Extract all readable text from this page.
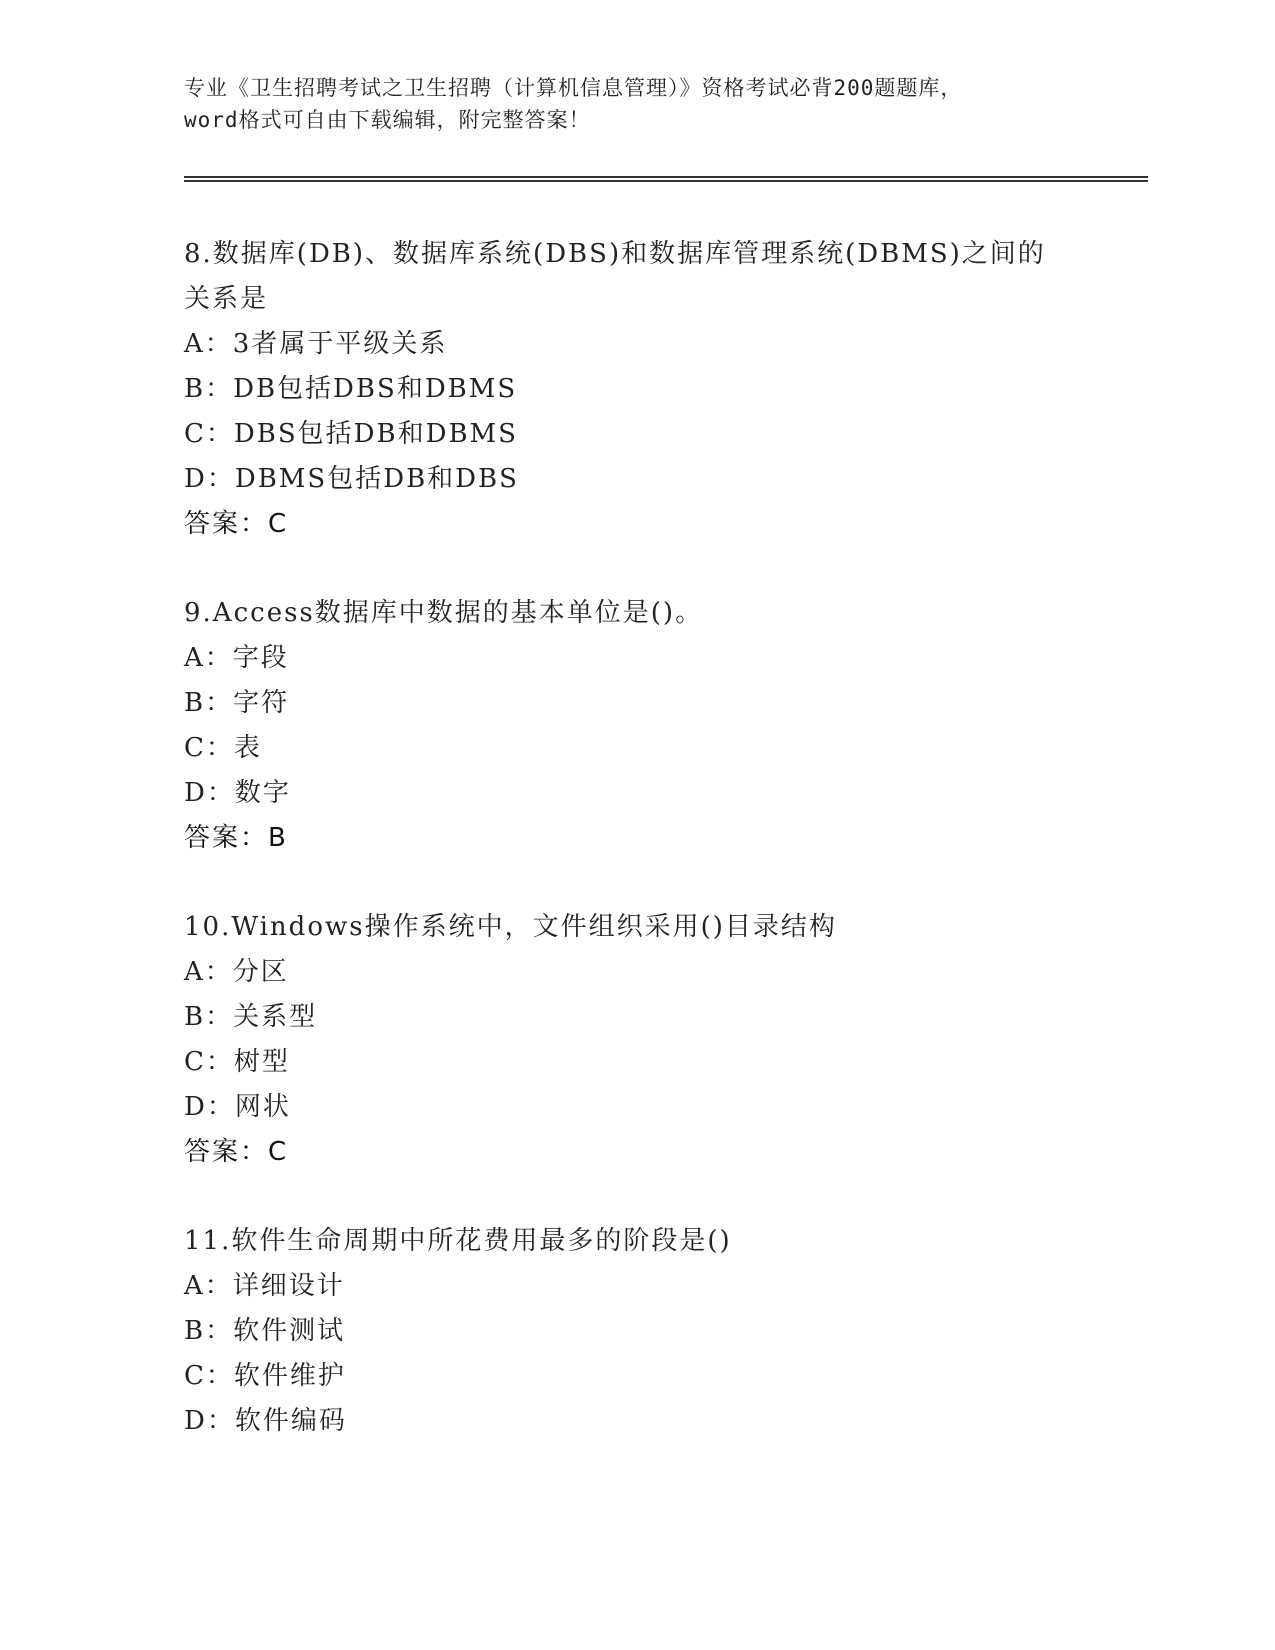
专业《卫生招聘考试之卫生招聘（计算机信息管理）》资格考试必背200题题库，
word格式可自由下载编辑，附完整答案！
8.数据库(DB)、数据库系统(DBS)和数据库管理系统(DBMS)之间的关系是
A：3者属于平级关系
B：DB包括DBS和DBMS
C：DBS包括DB和DBMS
D：DBMS包括DB和DBS
答案：C
9.Access数据库中数据的基本单位是()。
A：字段
B：字符
C：表
D：数字
答案：B
10.Windows操作系统中，文件组织采用()目录结构
A：分区
B：关系型
C：树型
D：网状
答案：C
11.软件生命周期中所花费用最多的阶段是()
A：详细设计
B：软件测试
C：软件维护
D：软件编码
